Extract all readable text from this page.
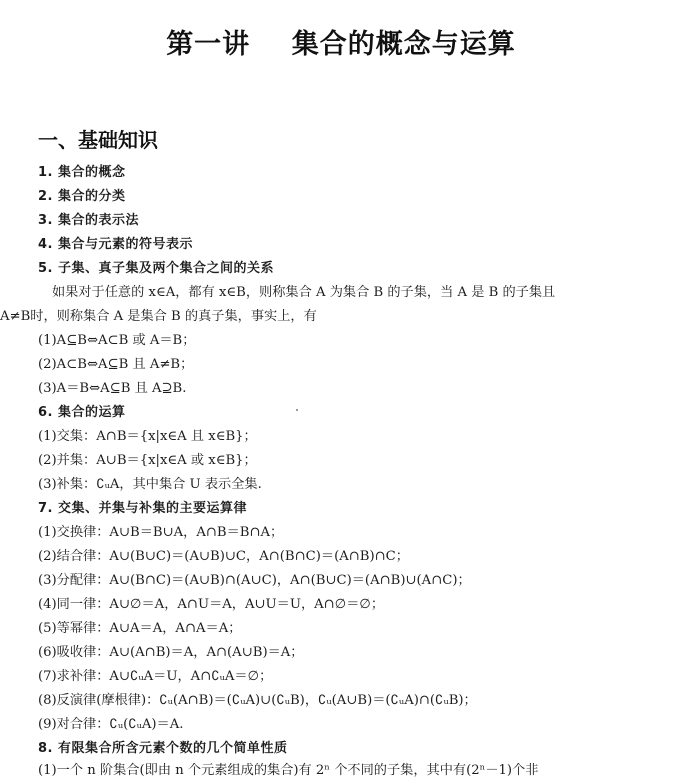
第一讲    集合的概念与运算
一、基础知识
1. 集合的概念
2. 集合的分类
3. 集合的表示法
4. 集合与元素的符号表示
5. 子集、真子集及两个集合之间的关系
如果对于任意的 x∈A，都有 x∈B，则称集合 A 为集合 B 的子集，当 A 是 B 的子集且
A≠B时，则称集合 A 是集合 B 的真子集，事实上，有
(1)A⊆B⇔A⊂B 或 A＝B；
(2)A⊂B⇔A⊆B 且 A≠B；
(3)A＝B⇔A⊆B 且 A⊇B.
6. 集合的运算
(1)交集：A∩B＝{x|x∈A 且 x∈B}；
(2)并集：A∪B＝{x|x∈A 或 x∈B}；
(3)补集：∁ᵤA，其中集合 U 表示全集.
7. 交集、并集与补集的主要运算律
(1)交换律：A∪B＝B∪A，A∩B＝B∩A；
(2)结合律：A∪(B∪C)＝(A∪B)∪C，A∩(B∩C)＝(A∩B)∩C；
(3)分配律：A∪(B∩C)＝(A∪B)∩(A∪C)，A∩(B∪C)＝(A∩B)∪(A∩C)；
(4)同一律：A∪∅＝A，A∩U＝A，A∪U＝U，A∩∅＝∅；
(5)等幂律：A∪A＝A，A∩A＝A；
(6)吸收律：A∪(A∩B)＝A，A∩(A∪B)＝A；
(7)求补律：A∪∁ᵤA＝U，A∩∁ᵤA＝∅；
(8)反演律(摩根律)：∁ᵤ(A∩B)＝(∁ᵤA)∪(∁ᵤB)，∁ᵤ(A∪B)＝(∁ᵤA)∩(∁ᵤB)；
(9)对合律：∁ᵤ(∁ᵤA)＝A.
8. 有限集合所含元素个数的几个简单性质
(1)一个 n 阶集合(即由 n 个元素组成的集合)有 2ⁿ 个不同的子集，其中有(2ⁿ－1)个非
